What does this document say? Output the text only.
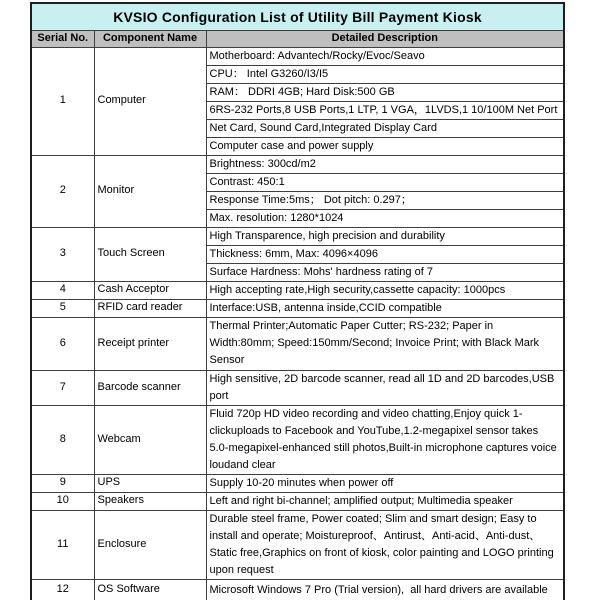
KVSIO Configuration List of Utility Bill Payment Kiosk		
Serial No.	Component Name	Detailed Description
1	Computer	Motherboard: Advantech/Rocky/Evoc/Seavo
		CPU： Intel G3260/I3/I5
		RAM： DDRI 4GB; Hard Disk:500 GB
		6RS-232 Ports,8 USB Ports,1 LTP, 1 VGA，1LVDS,1 10/100M Net Port
		Net Card, Sound Card,Integrated Display Card
		Computer case and power supply
2	Monitor	Brightness: 300cd/m2
		Contrast: 450:1
		Response Time:5ms； Dot pitch: 0.297；
		Max. resolution: 1280*1024
3	Touch Screen	High Transparence, high precision and durability
		Thickness: 6mm, Max: 4096×4096
		Surface Hardness: Mohs' hardness rating of 7
4	Cash Acceptor	High accepting rate,High security,cassette capacity: 1000pcs
5	RFID card reader	Interface:USB, antenna inside,CCID compatible
6	Receipt printer	Thermal Printer;Automatic Paper Cutter; RS-232; Paper in Width:80mm; Speed:150mm/Second; Invoice Print; with Black Mark Sensor
7	Barcode scanner	High sensitive, 2D barcode scanner, read all 1D and 2D barcodes,USB port
8	Webcam	Fluid 720p HD video recording and video chatting,Enjoy quick 1-clickuploads to Facebook and YouTube,1.2-megapixel sensor takes 5.0-megapixel-enhanced still photos,Built-in microphone captures voice loudand clear
9	UPS	Supply 10-20 minutes when power off
10	Speakers	Left and right bi-channel; amplified output; Multimedia speaker
11	Enclosure	Durable steel frame, Power coated; Slim and smart design; Easy to install and operate; Moistureproof、Antirust、Anti-acid、Anti-dust、Static free,Graphics on front of kiosk, color painting and LOGO printing upon request
12	OS Software	Microsoft Windows 7 Pro (Trial version),  all hard drivers are available
